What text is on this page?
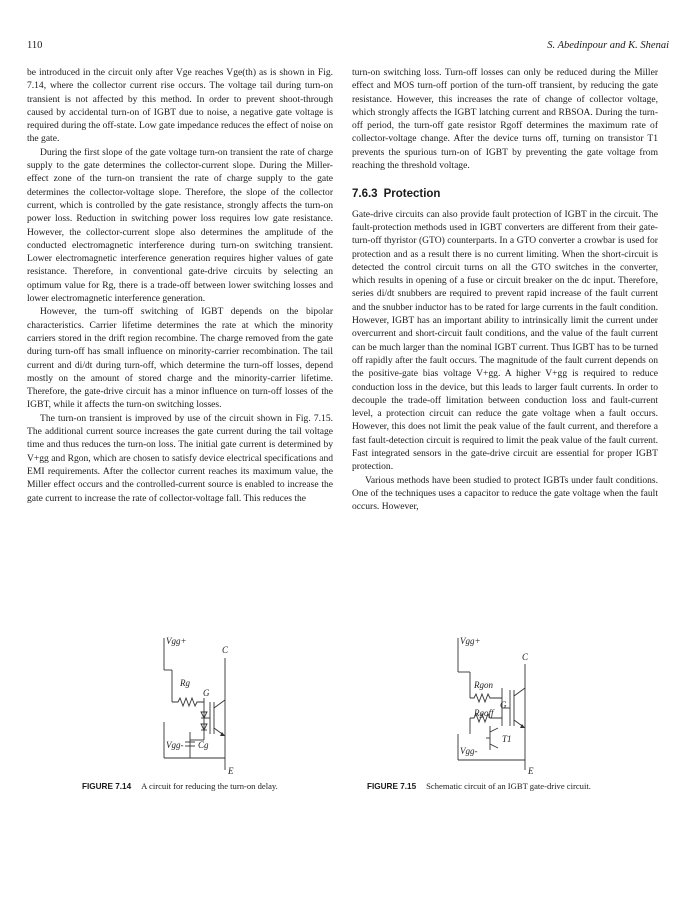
110	S. Abedinpour and K. Shenai

be introduced in the circuit only after Vge reaches Vge(th) as is shown in Fig. 7.14, where the collector current rise occurs. The voltage tail during turn-on transient is not affected by this method. In order to prevent shoot-through caused by accidental turn-on of IGBT due to noise, a negative gate voltage is required during the off-state. Low gate impedance reduces the effect of noise on the gate.

During the first slope of the gate voltage turn-on transient the rate of charge supply to the gate determines the collector-current slope. During the Miller-effect zone of the turn-on transient the rate of charge supply to the gate determines the collector-voltage slope. Therefore, the slope of the collector current, which is controlled by the gate resistance, strongly affects the turn-on power loss. Reduction in switching power loss requires low gate resistance. However, the collector-current slope also determines the amplitude of the conducted electromagnetic interference during turn-on switching transient. Lower electromagnetic interference generation requires higher values of gate resistance. Therefore, in conventional gate-drive circuits by selecting an optimum value for Rg, there is a trade-off between lower switching losses and lower electromagnetic interference generation.

However, the turn-off switching of IGBT depends on the bipolar characteristics. Carrier lifetime determines the rate at which the minority carriers stored in the drift region recombine. The charge removed from the gate during turn-off has small influence on minority-carrier recombination. The tail current and di/dt during turn-off, which determine the turn-off losses, depend mostly on the amount of stored charge and the minority-carrier lifetime. Therefore, the gate-drive circuit has a minor influence on turn-off losses of the IGBT, while it affects the turn-on switching losses.

The turn-on transient is improved by use of the circuit shown in Fig. 7.15. The additional current source increases the gate current during the tail voltage time and thus reduces the turn-on loss. The initial gate current is determined by V+gg and Rgon, which are chosen to satisfy device electrical specifications and EMI requirements. After the collector current reaches its maximum value, the Miller effect occurs and the controlled-current source is enabled to increase the gate current to increase the rate of collector-voltage fall. This reduces the

turn-on switching loss. Turn-off losses can only be reduced during the Miller effect and MOS turn-off portion of the turn-off transient, by reducing the gate resistance. However, this increases the rate of change of collector voltage, which strongly affects the IGBT latching current and RBSOA. During the turn-off period, the turn-off gate resistor Rgoff determines the maximum rate of collector-voltage change. After the device turns off, turning on transistor T1 prevents the spurious turn-on of IGBT by preventing the gate voltage from reaching the threshold voltage.

7.6.3 Protection

Gate-drive circuits can also provide fault protection of IGBT in the circuit. The fault-protection methods used in IGBT converters are different from their gate-turn-off thyristor (GTO) counterparts. In a GTO converter a crowbar is used for protection and as a result there is no current limiting. When the short-circuit is detected the control circuit turns on all the GTO switches in the converter, which results in opening of a fuse or circuit breaker on the dc input. Therefore, series di/dt snubbers are required to prevent rapid increase of the fault current and the snubber inductor has to be rated for large currents in the fault condition. However, IGBT has an important ability to intrinsically limit the current under overcurrent and short-circuit fault conditions, and the value of the fault current can be much larger than the nominal IGBT current. Thus IGBT has to be turned off rapidly after the fault occurs. The magnitude of the fault current depends on the positive-gate bias voltage V+gg. A higher V+gg is required to reduce conduction loss in the device, but this leads to larger fault currents. In order to decouple the trade-off limitation between conduction loss and fault-current level, a protection circuit can reduce the gate voltage when a fault occurs. However, this does not limit the peak value of the fault current, and therefore a fast fault-detection circuit is required to limit the peak value of the fault current. Fast integrated sensors in the gate-drive circuit are essential for proper IGBT protection.

Various methods have been studied to protect IGBTs under fault conditions. One of the techniques uses a capacitor to reduce the gate voltage when the fault occurs. However,

Vgg+
C
Rg
G
Cg
Vgg-
E
Vgg+
C
Rgon
G
Rgoff
T1
Vgg-
E
FIGURE 7.14 A circuit for reducing the turn-on delay.	FIGURE 7.15 Schematic circuit of an IGBT gate-drive circuit.
